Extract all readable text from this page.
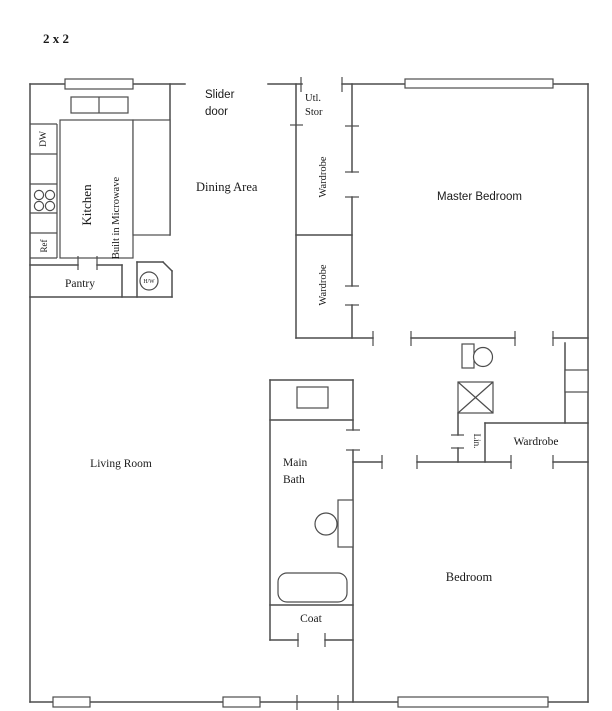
2 x 2
Slider
door
Utl.
Stor
Dining Area
Master Bedroom
Kitchen Built in Microwave
DW
Ref
Pantry	H/W
Wardrobe
Wardrobe
Living Room	Main
Bath
Lin.	Wardrobe
Bedroom
Coat
